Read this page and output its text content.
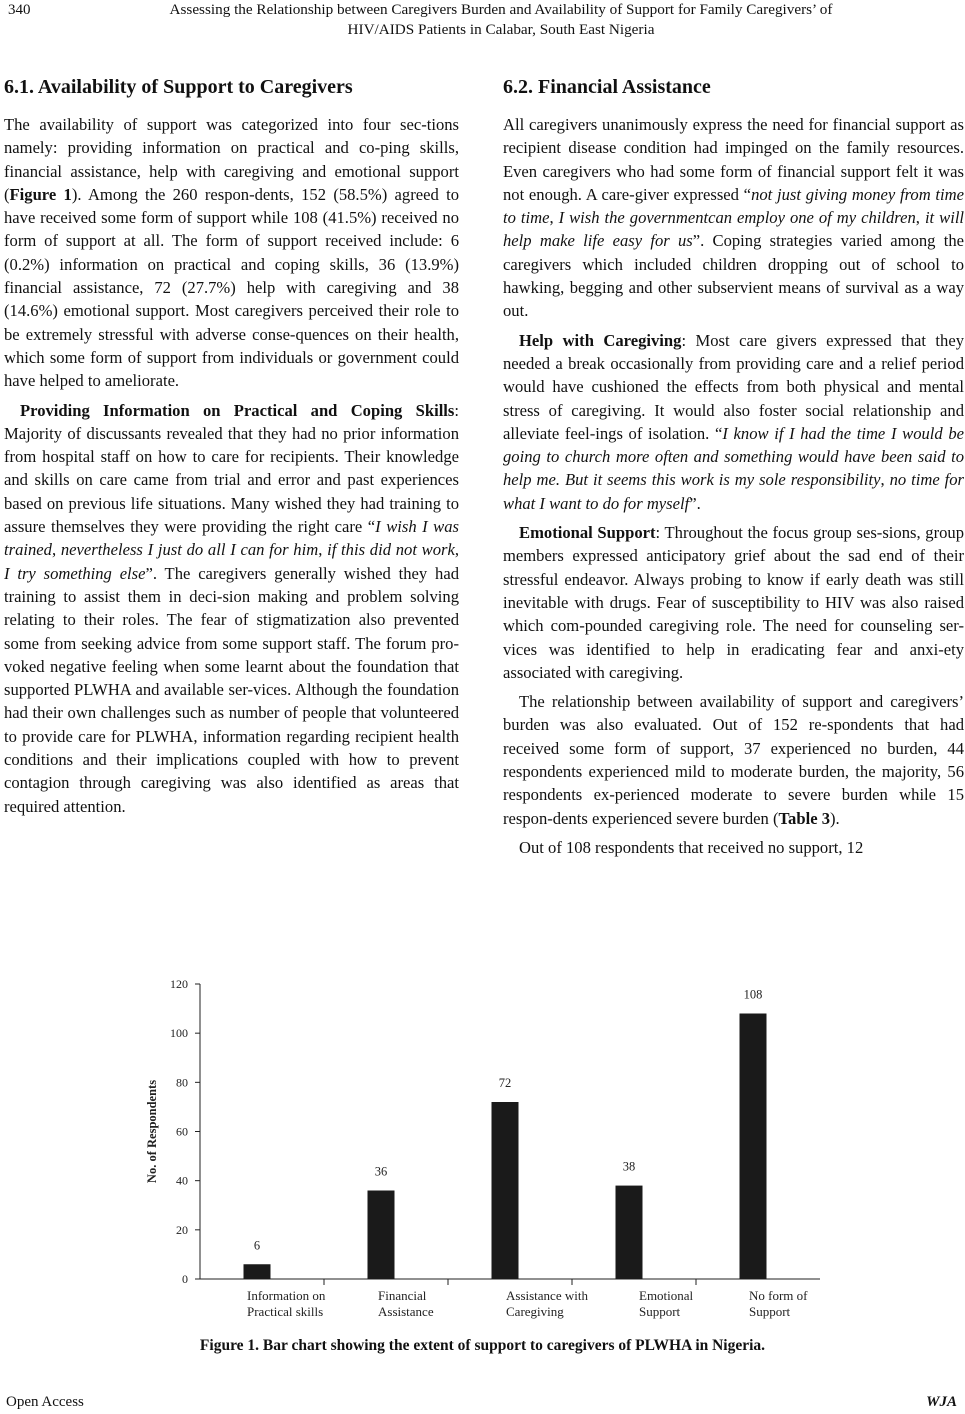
340	Assessing the Relationship between Caregivers Burden and Availability of Support for Family Caregivers’ of
HIV/AIDS Patients in Calabar, South East Nigeria
6.1. Availability of Support to Caregivers

The availability of support was categorized into four sec-tions namely: providing information on practical and co-ping skills, financial assistance, help with caregiving and emotional support (Figure 1). Among the 260 respon-dents, 152 (58.5%) agreed to have received some form of support while 108 (41.5%) received no form of support at all. The form of support received include: 6 (0.2%) information on practical and coping skills, 36 (13.9%) financial assistance, 72 (27.7%) help with caregiving and 38 (14.6%) emotional support. Most caregivers perceived their role to be extremely stressful with adverse conse-quences on their health, which some form of support from individuals or government could have helped to ameliorate.

Providing Information on Practical and Coping Skills: Majority of discussants revealed that they had no prior information from hospital staff on how to care for recipients. Their knowledge and skills on care came from trial and error and past experiences based on previous life situations. Many wished they had training to assure themselves they were providing the right care “I wish I was trained, nevertheless I just do all I can for him, if this did not work, I try something else”. The caregivers generally wished they had training to assist them in deci-sion making and problem solving relating to their roles. The fear of stigmatization also prevented some from seeking advice from some support staff. The forum pro-voked negative feeling when some learnt about the foundation that supported PLWHA and available ser-vices. Although the foundation had their own challenges such as number of people that volunteered to provide care for PLWHA, information regarding recipient health conditions and their implications coupled with how to prevent contagion through caregiving was also identified as areas that required attention.

6.2. Financial Assistance

All caregivers unanimously express the need for financial support as recipient disease condition had impinged on the family resources. Even caregivers who had some form of financial support felt it was not enough. A care-giver expressed “not just giving money from time to time, I wish the governmentcan employ one of my children, it will help make life easy for us”. Coping strategies varied among the caregivers which included children dropping out of school to hawking, begging and other subservient means of survival as a way out.

Help with Caregiving: Most care givers expressed that they needed a break occasionally from providing care and a relief period would have cushioned the effects from both physical and mental stress of caregiving. It would also foster social relationship and alleviate feel-ings of isolation. “I know if I had the time I would be going to church more often and something would have been said to help me. But it seems this work is my sole responsibility, no time for what I want to do for myself”.

Emotional Support: Throughout the focus group ses-sions, group members expressed anticipatory grief about the sad end of their stressful endeavor. Always probing to know if early death was still inevitable with drugs. Fear of susceptibility to HIV was also raised which com-pounded caregiving role. The need for counseling ser-vices was identified to help in eradicating fear and anxi-ety associated with caregiving.

The relationship between availability of support and caregivers’ burden was also evaluated. Out of 152 re-spondents that had received some form of support, 37 experienced no burden, 44 respondents experienced mild to moderate burden, the majority, 56 respondents ex-perienced moderate to severe burden while 15 respon-dents experienced severe burden (Table 3).

Out of 108 respondents that received no support, 12

0
20
40
60
80
100
120
No. of Respondents
6
Information on
Practical skills
36
Financial
Assistance
72
Assistance with
Caregiving
38
Emotional
Support
108
No form of
Support
Figure 1. Bar chart showing the extent of support to caregivers of PLWHA in Nigeria.
Open Access	WJA
